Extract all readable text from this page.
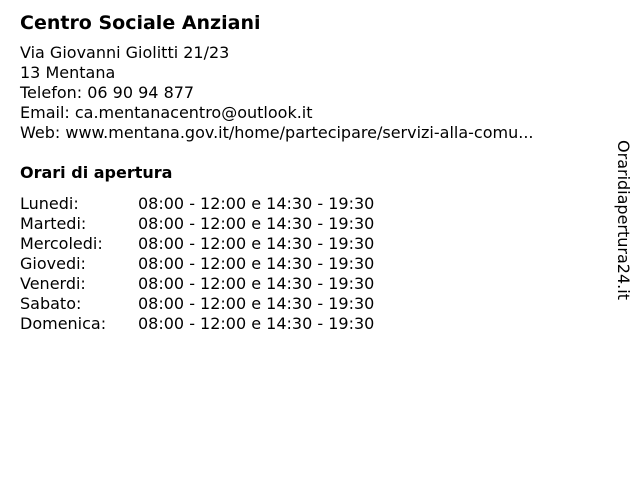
Centro Sociale Anziani
Via Giovanni Giolitti 21/23
13 Mentana
Telefon: 06 90 94 877
Email: ca.mentanacentro@outlook.it
Web: www.mentana.gov.it/home/partecipare/servizi-alla-comu...
Orari di apertura
Lunedi:	08:00 - 12:00 e 14:30 - 19:30
Martedi:	08:00 - 12:00 e 14:30 - 19:30
Mercoledi: 08:00 - 12:00 e 14:30 - 19:30
Giovedi:	08:00 - 12:00 e 14:30 - 19:30
Venerdi:	08:00 - 12:00 e 14:30 - 19:30
Sabato:	08:00 - 12:00 e 14:30 - 19:30
Domenica: 08:00 - 12:00 e 14:30 - 19:30
Oraridiapertura24.it
